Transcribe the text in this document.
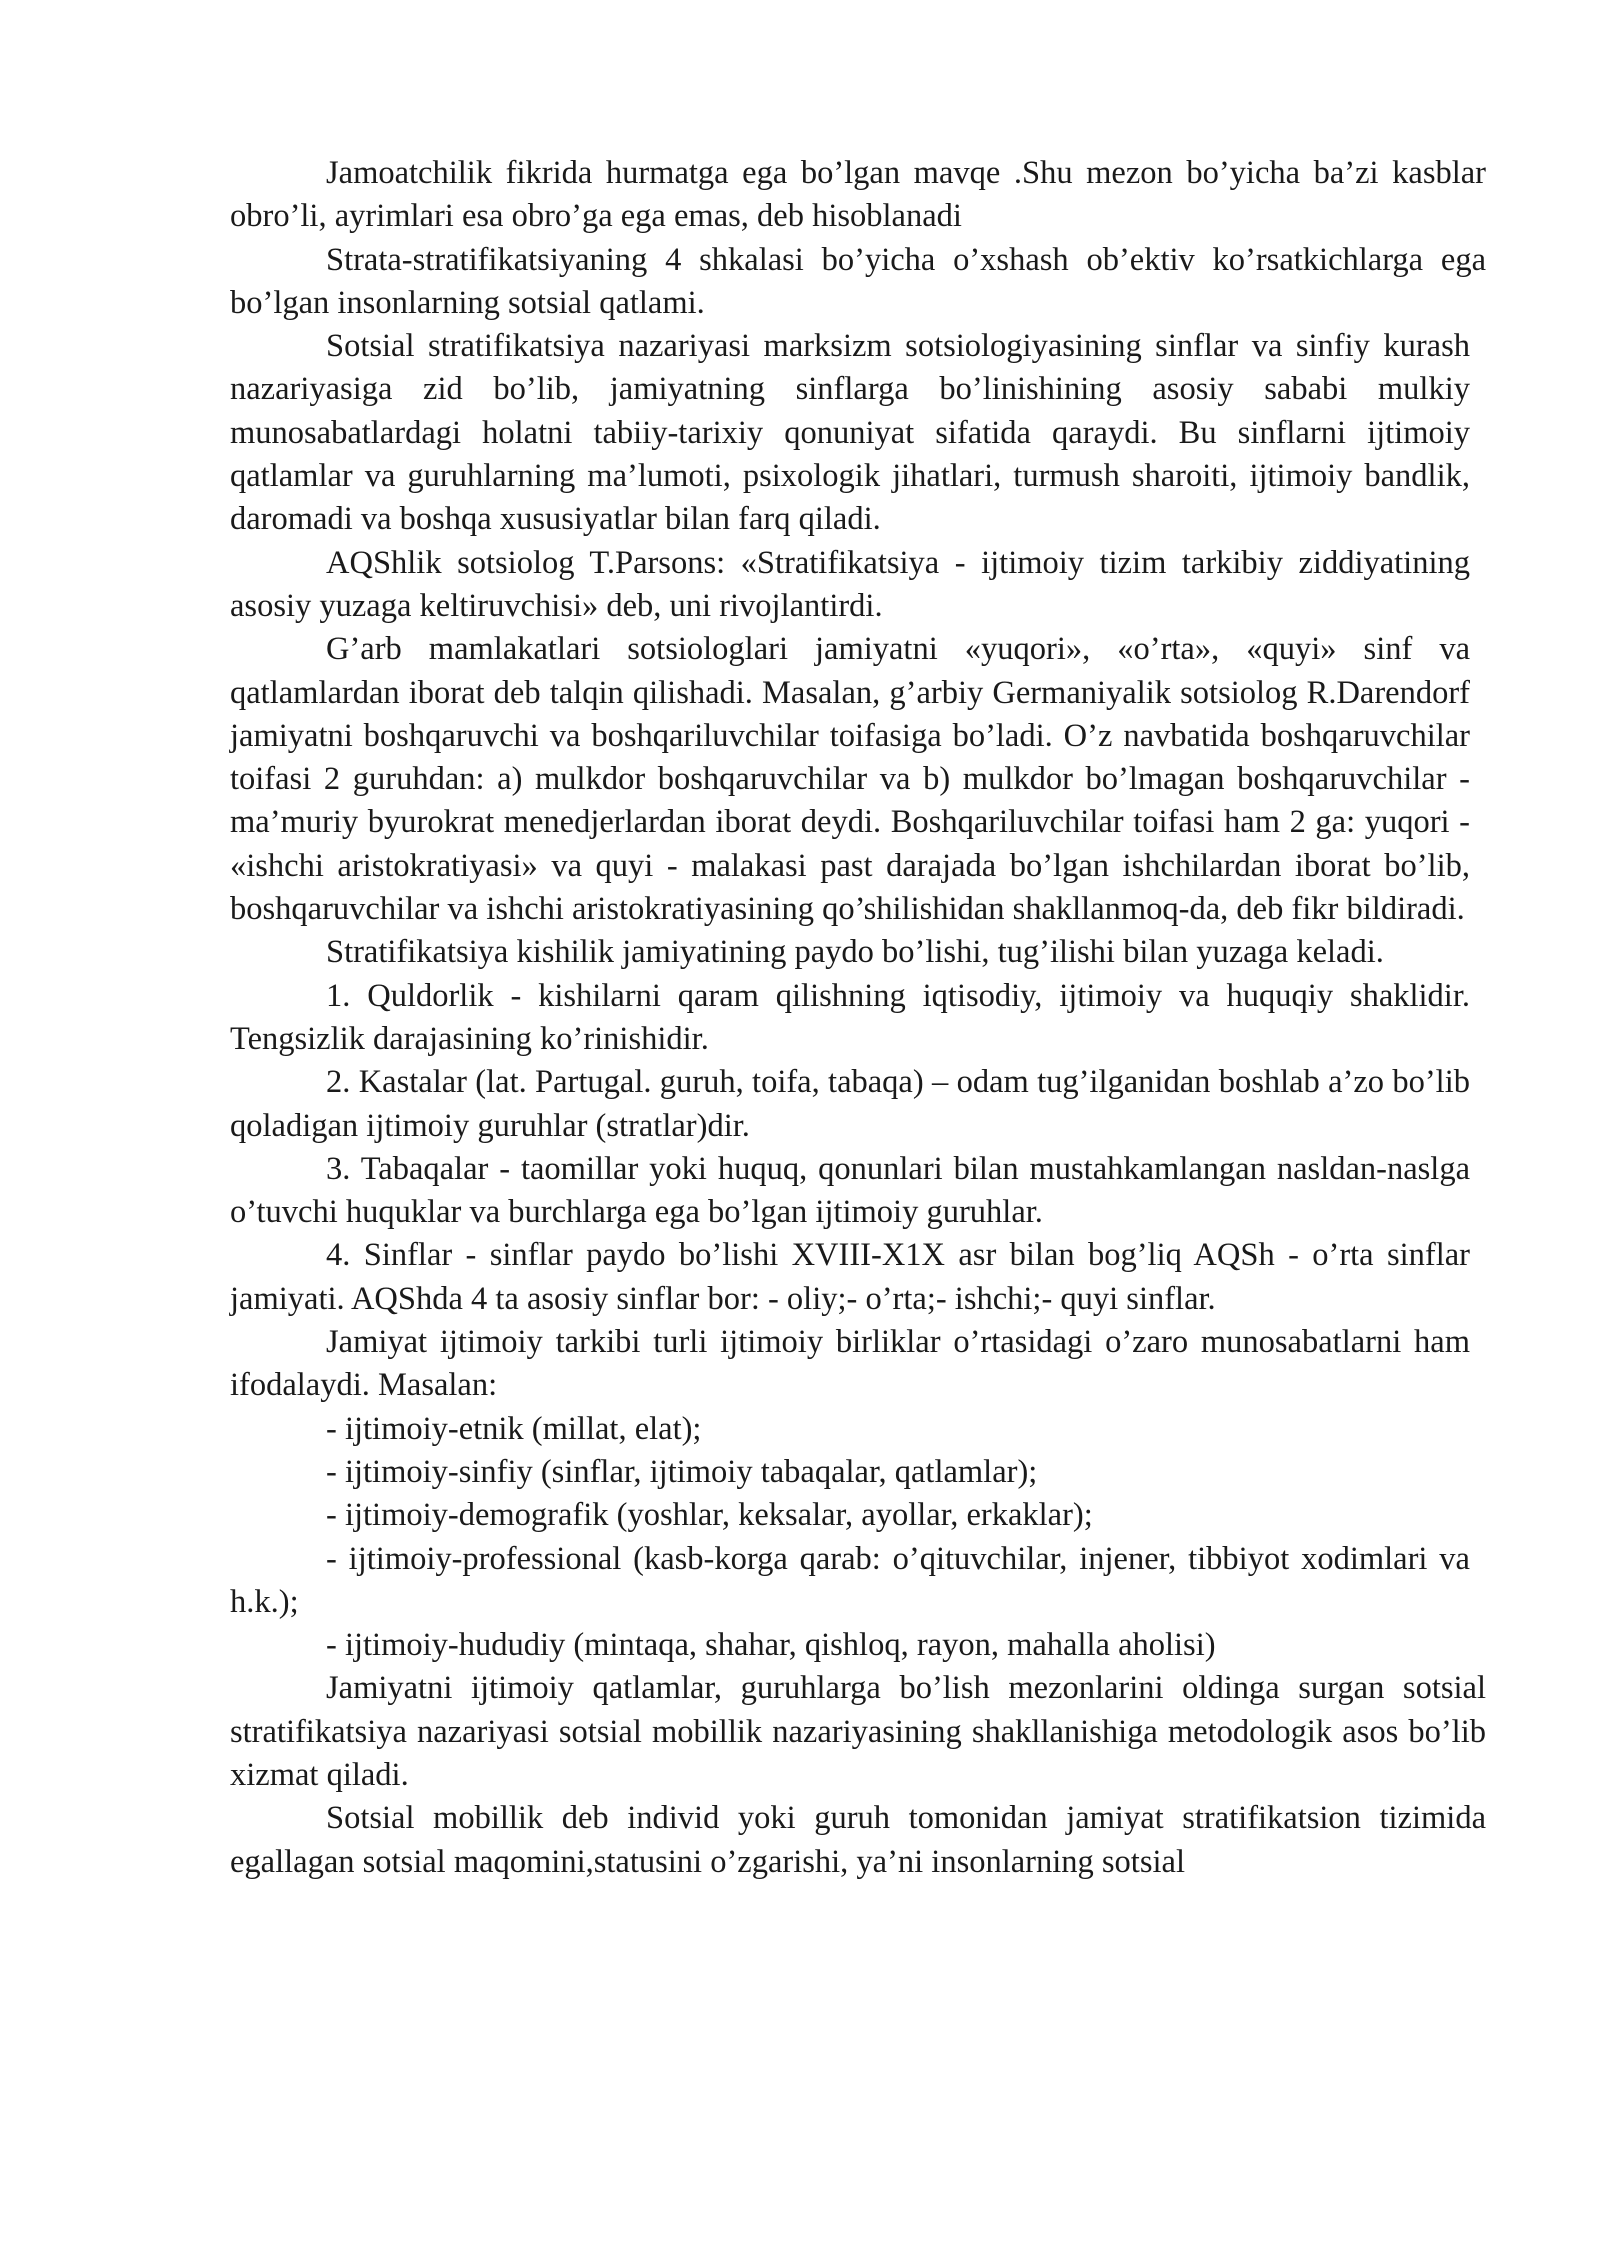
Jamoatchilik fikrida hurmatga ega bo’lgan mavqe .Shu mezon bo’yicha ba’zi kasblar obro’li, ayrimlari esa obro’ga ega emas, deb hisoblanadi

Strata-stratifikatsiyaning 4 shkalasi bo’yicha o’xshash ob’ektiv ko’rsatkichlarga ega bo’lgan insonlarning sotsial qatlami.

Sotsial stratifikatsiya nazariyasi marksizm sotsiologiyasining sinflar va sinfiy kurash nazariyasiga zid bo’lib, jamiyatning sinflarga bo’linishining asosiy sababi mulkiy munosabatlardagi holatni tabiiy-tarixiy qonuniyat sifatida qaraydi. Bu sinflarni ijtimoiy qatlamlar va guruhlarning ma’lumoti, psixologik jihatlari, turmush sharoiti, ijtimoiy bandlik, daromadi va boshqa xususiyatlar bilan farq qiladi.

AQShlik sotsiolog T.Parsons: «Stratifikatsiya - ijtimoiy tizim tarkibiy ziddiyatining asosiy yuzaga keltiruvchisi» deb, uni rivojlantirdi.

G’arb mamlakatlari sotsiologlari jamiyatni «yuqori», «o’rta», «quyi» sinf va qatlamlardan iborat deb talqin qilishadi. Masalan, g’arbiy Germaniyalik sotsiolog R.Darendorf jamiyatni boshqaruvchi va boshqariluvchilar toifasiga bo’ladi. O’z navbatida boshqaruvchilar toifasi 2 guruhdan: a) mulkdor boshqaruvchilar va b) mulkdor bo’lmagan boshqaruvchilar - ma’muriy byurokrat menedjerlardan iborat deydi. Boshqariluvchilar toifasi ham 2 ga: yuqori - «ishchi aristokratiyasi» va quyi - malakasi past darajada bo’lgan ishchilardan iborat bo’lib, boshqaruvchilar va ishchi aristokratiyasining qo’shilishidan shakllanmoq-da, deb fikr bildiradi.

Stratifikatsiya kishilik jamiyatining paydo bo’lishi, tug’ilishi bilan yuzaga keladi.

1. Quldorlik - kishilarni qaram qilishning iqtisodiy, ijtimoiy va huquqiy shaklidir. Tengsizlik darajasining ko’rinishidir.

2. Kastalar (lat. Partugal. guruh, toifa, tabaqa) – odam tug’ilganidan boshlab a’zo bo’lib qoladigan ijtimoiy guruhlar (stratlar)dir.

3. Tabaqalar - taomillar yoki huquq, qonunlari bilan mustahkamlangan nasldan-naslga o’tuvchi huquklar va burchlarga ega bo’lgan ijtimoiy guruhlar.

4. Sinflar - sinflar paydo bo’lishi XVIII-X1X asr bilan bog’liq AQSh - o’rta sinflar jamiyati. AQShda 4 ta asosiy sinflar bor: - oliy;- o’rta;- ishchi;- quyi sinflar.

Jamiyat ijtimoiy tarkibi turli ijtimoiy birliklar o’rtasidagi o’zaro munosabatlarni ham ifodalaydi. Masalan:

- ijtimoiy-etnik (millat, elat);

- ijtimoiy-sinfiy (sinflar, ijtimoiy tabaqalar, qatlamlar);

- ijtimoiy-demografik (yoshlar, keksalar, ayollar, erkaklar);

- ijtimoiy-professional (kasb-korga qarab: o’qituvchilar, injener, tibbiyot xodimlari va h.k.);

- ijtimoiy-hududiy (mintaqa, shahar, qishloq, rayon, mahalla aholisi)

Jamiyatni ijtimoiy qatlamlar, guruhlarga bo’lish mezonlarini oldinga surgan sotsial stratifikatsiya nazariyasi sotsial mobillik nazariyasining shakllanishiga metodologik asos bo’lib xizmat qiladi.

Sotsial mobillik deb individ yoki guruh tomonidan jamiyat stratifikatsion tizimida egallagan sotsial maqomini,statusini o’zgarishi, ya’ni insonlarning sotsial
